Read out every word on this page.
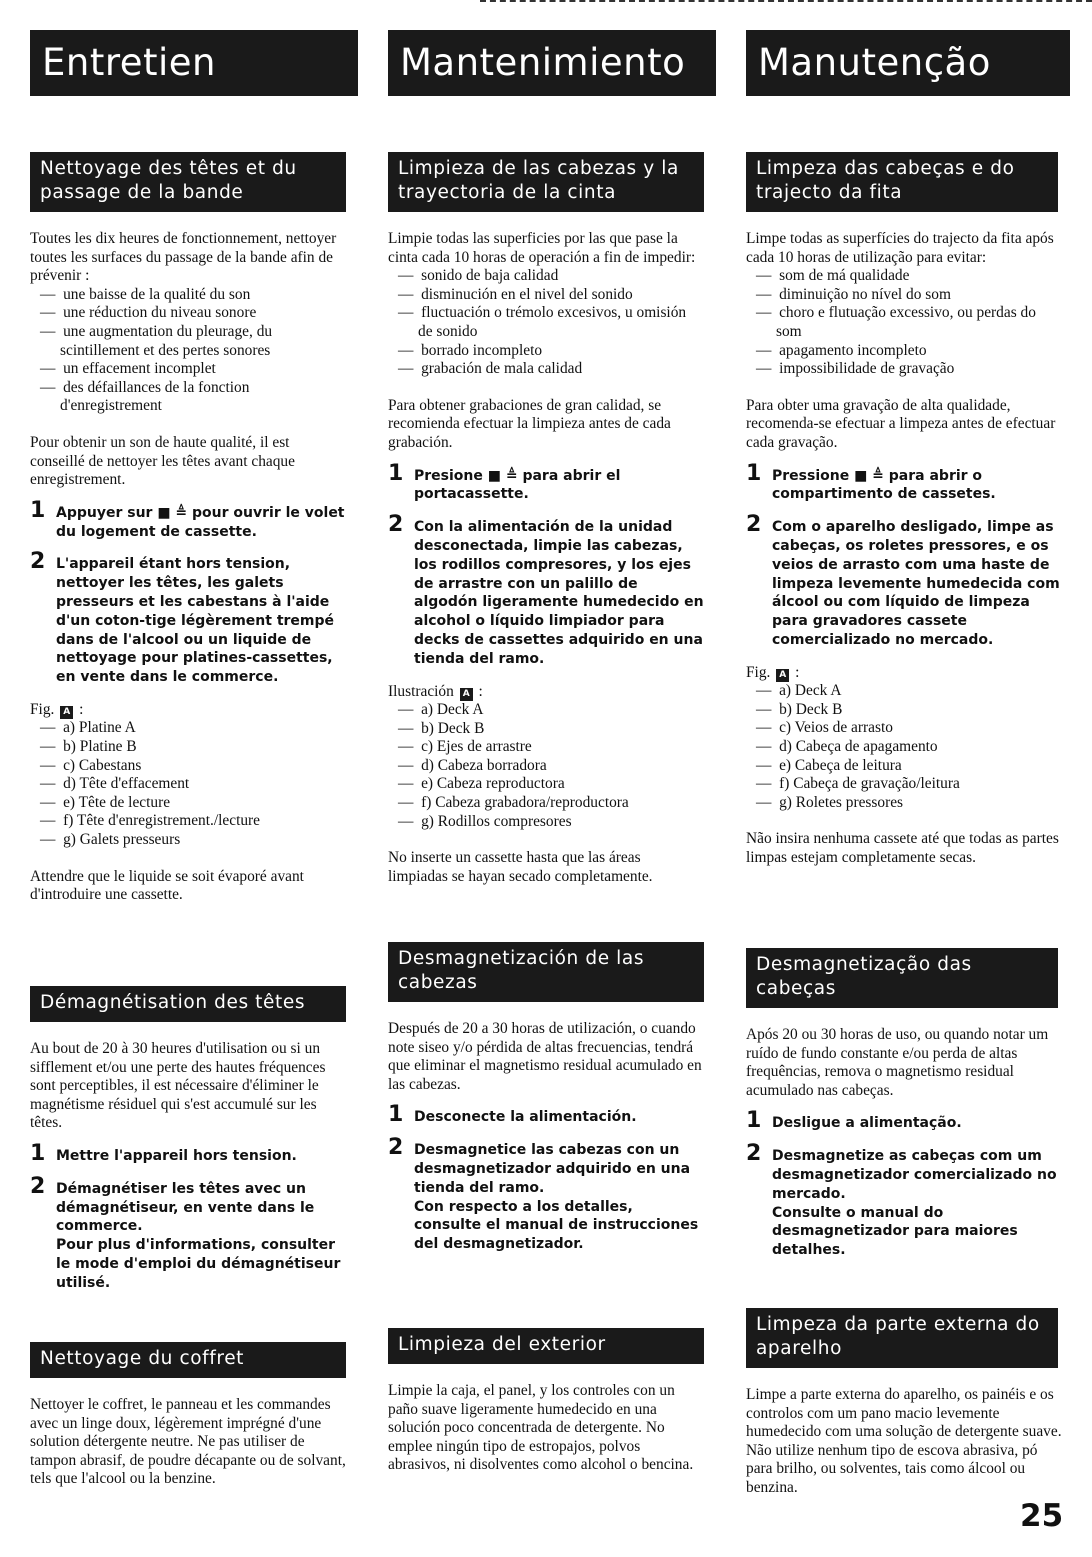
Entretien
Nettoyage des têtes et du passage de la bande

Toutes les dix heures de fonctionnement, nettoyer toutes les surfaces du passage de la bande afin de prévenir :

—  une baisse de la qualité du son
—  une réduction du niveau sonore
—  une augmentation du pleurage, du scintillement et des pertes sonores
—  un effacement incomplet
—  des défaillances de la fonction d'enregistrement

Pour obtenir un son de haute qualité, il est conseillé de nettoyer les têtes avant chaque enregistrement.

1 Appuyer sur ■ ≜ pour ouvrir le volet du logement de cassette.
2 L'appareil étant hors tension, nettoyer les têtes, les galets presseurs et les cabestans à l'aide d'un coton-tige légèrement trempé dans de l'alcool ou un liquide de nettoyage pour platines-cassettes, en vente dans le commerce.

Fig. A :

—  a) Platine A
—  b) Platine B
—  c) Cabestans
—  d) Tête d'effacement
—  e) Tête de lecture
—  f) Tête d'enregistrement./lecture
—  g) Galets presseurs

Attendre que le liquide se soit évaporé avant d'introduire une cassette.

Démagnétisation des têtes

Au bout de 20 à 30 heures d'utilisation ou si un sifflement et/ou une perte des hautes fréquences sont perceptibles, il est nécessaire d'éliminer le magnétisme résiduel qui s'est accumulé sur les têtes.

1 Mettre l'appareil hors tension.
2 Démagnétiser les têtes avec un démagnétiseur, en vente dans le commerce.
Pour plus d'informations, consulter le mode d'emploi du démagnétiseur utilisé.
Nettoyage du coffret

Nettoyer le coffret, le panneau et les commandes avec un linge doux, légèrement imprégné d'une solution détergente neutre. Ne pas utiliser de tampon abrasif, de poudre décapante ou de solvant, tels que l'alcool ou la benzine.

Mantenimiento
Limpieza de las cabezas y la trayectoria de la cinta

Limpie todas las superficies por las que pase la cinta cada 10 horas de operación a fin de impedir:

—  sonido de baja calidad
—  disminución en el nivel del sonido
—  fluctuación o trémolo excesivos, u omisión de sonido
—  borrado incompleto
—  grabación de mala calidad

Para obtener grabaciones de gran calidad, se recomienda efectuar la limpieza antes de cada grabación.

1 Presione ■ ≜ para abrir el portacassette.
2 Con la alimentación de la unidad desconectada, limpie las cabezas, los rodillos compresores, y los ejes de arrastre con un palillo de algodón ligeramente humedecido en alcohol o líquido limpiador para decks de cassettes adquirido en una tienda del ramo.

Ilustración A :

—  a) Deck A
—  b) Deck B
—  c) Ejes de arrastre
—  d) Cabeza borradora
—  e) Cabeza reproductora
—  f) Cabeza grabadora/reproductora
—  g) Rodillos compresores

No inserte un cassette hasta que las áreas limpiadas se hayan secado completamente.

Desmagnetización de las cabezas

Después de 20 a 30 horas de utilización, o cuando note siseo y/o pérdida de altas frecuencias, tendrá que eliminar el magnetismo residual acumulado en las cabezas.

1 Desconecte la alimentación.
2 Desmagnetice las cabezas con un desmagnetizador adquirido en una tienda del ramo.
Con respecto a los detalles, consulte el manual de instrucciones del desmagnetizador.
Limpieza del exterior

Limpie la caja, el panel, y los controles con un paño suave ligeramente humedecido en una solución poco concentrada de detergente. No emplee ningún tipo de estropajos, polvos abrasivos, ni disolventes como alcohol o bencina.

Manutenção
Limpeza das cabeças e do trajecto da fita

Limpe todas as superfícies do trajecto da fita após cada 10 horas de utilização para evitar:

—  som de má qualidade
—  diminuição no nível do som
—  choro e flutuação excessivo, ou perdas do som
—  apagamento incompleto
—  impossibilidade de gravação

Para obter uma gravação de alta qualidade, recomenda-se efectuar a limpeza antes de efectuar cada gravação.

1 Pressione ■ ≜ para abrir o compartimento de cassetes.
2 Com o aparelho desligado, limpe as cabeças, os roletes pressores, e os veios de arrasto com uma haste de limpeza levemente humedecida com álcool ou com líquido de limpeza para gravadores cassete comercializado no mercado.

Fig. A :

—  a) Deck A
—  b) Deck B
—  c) Veios de arrasto
—  d) Cabeça de apagamento
—  e) Cabeça de leitura
—  f) Cabeça de gravação/leitura
—  g) Roletes pressores

Não insira nenhuma cassete até que todas as partes limpas estejam completamente secas.

Desmagnetização das cabeças

Após 20 ou 30 horas de uso, ou quando notar um ruído de fundo constante e/ou perda de altas frequências, remova o magnetismo residual acumulado nas cabeças.

1 Desligue a alimentação.
2 Desmagnetize as cabeças com um desmagnetizador comercializado no mercado.
Consulte o manual do desmagnetizador para maiores detalhes.
Limpeza da parte externa do aparelho

Limpe a parte externa do aparelho, os painéis e os controlos com um pano macio levemente humedecido com uma solução de detergente suave. Não utilize nenhum tipo de escova abrasiva, pó para brilho, ou solventes, tais como álcool ou benzina.

25
